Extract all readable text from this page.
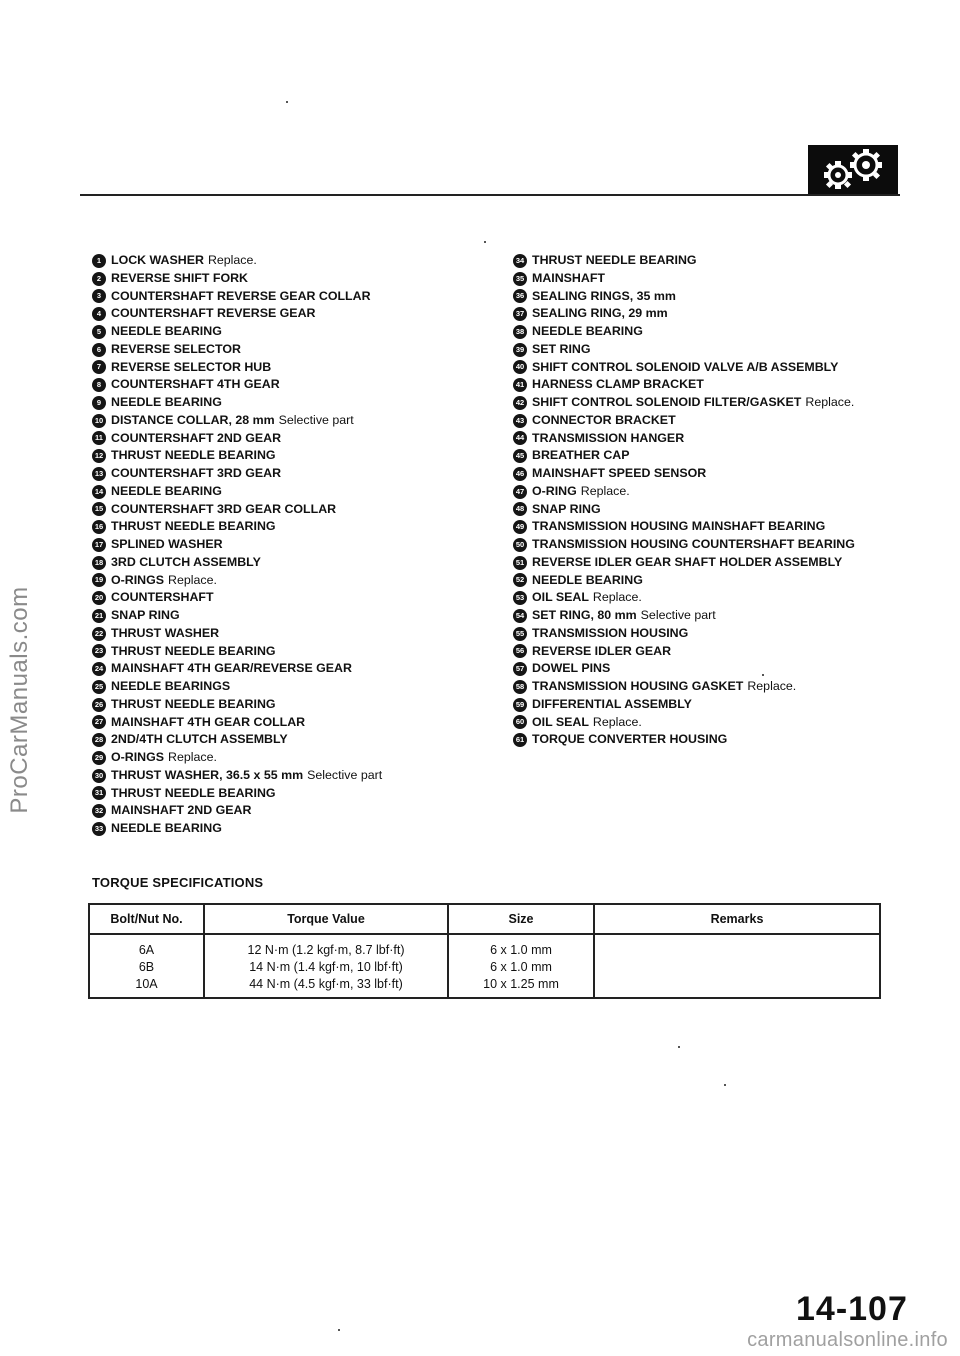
ProCarManuals.com
1 LOCK WASHER Replace.
2 REVERSE SHIFT FORK
3 COUNTERSHAFT REVERSE GEAR COLLAR
4 COUNTERSHAFT REVERSE GEAR
5 NEEDLE BEARING
6 REVERSE SELECTOR
7 REVERSE SELECTOR HUB
8 COUNTERSHAFT 4TH GEAR
9 NEEDLE BEARING
10 DISTANCE COLLAR, 28 mm Selective part
11 COUNTERSHAFT 2ND GEAR
12 THRUST NEEDLE BEARING
13 COUNTERSHAFT 3RD GEAR
14 NEEDLE BEARING
15 COUNTERSHAFT 3RD GEAR COLLAR
16 THRUST NEEDLE BEARING
17 SPLINED WASHER
18 3RD CLUTCH ASSEMBLY
19 O-RINGS Replace.
20 COUNTERSHAFT
21 SNAP RING
22 THRUST WASHER
23 THRUST NEEDLE BEARING
24 MAINSHAFT 4TH GEAR/REVERSE GEAR
25 NEEDLE BEARINGS
26 THRUST NEEDLE BEARING
27 MAINSHAFT 4TH GEAR COLLAR
28 2ND/4TH CLUTCH ASSEMBLY
29 O-RINGS Replace.
30 THRUST WASHER, 36.5 x 55 mm Selective part
31 THRUST NEEDLE BEARING
32 MAINSHAFT 2ND GEAR
33 NEEDLE BEARING
34 THRUST NEEDLE BEARING
35 MAINSHAFT
36 SEALING RINGS, 35 mm
37 SEALING RING, 29 mm
38 NEEDLE BEARING
39 SET RING
40 SHIFT CONTROL SOLENOID VALVE A/B ASSEMBLY
41 HARNESS CLAMP BRACKET
42 SHIFT CONTROL SOLENOID FILTER/GASKET Replace.
43 CONNECTOR BRACKET
44 TRANSMISSION HANGER
45 BREATHER CAP
46 MAINSHAFT SPEED SENSOR
47 O-RING Replace.
48 SNAP RING
49 TRANSMISSION HOUSING MAINSHAFT BEARING
50 TRANSMISSION HOUSING COUNTERSHAFT BEARING
51 REVERSE IDLER GEAR SHAFT HOLDER ASSEMBLY
52 NEEDLE BEARING
53 OIL SEAL Replace.
54 SET RING, 80 mm Selective part
55 TRANSMISSION HOUSING
56 REVERSE IDLER GEAR
57 DOWEL PINS
58 TRANSMISSION HOUSING GASKET Replace.
59 DIFFERENTIAL ASSEMBLY
60 OIL SEAL Replace.
61 TORQUE CONVERTER HOUSING
TORQUE SPECIFICATIONS
Bolt/Nut No.	Torque Value	Size	Remarks

6A	12 N·m (1.2 kgf·m, 8.7 lbf·ft)	6 x 1.0 mm	
6B	14 N·m (1.4 kgf·m, 10 lbf·ft)	6 x 1.0 mm	
10A	44 N·m (4.5 kgf·m, 33 lbf·ft)	10 x 1.25 mm	
14-107
carmanualsonline.info
